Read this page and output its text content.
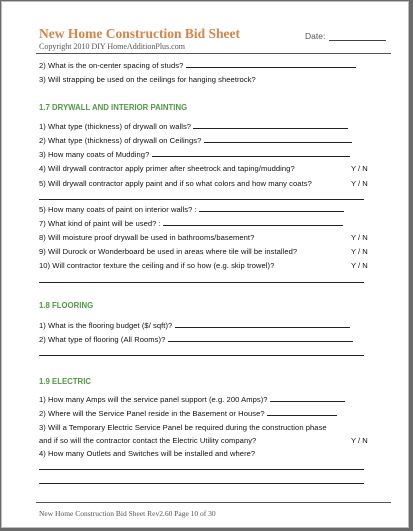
New Home Construction Bid Sheet	Date:
Copyright 2010 DIY HomeAdditionPlus.com
2) What is the on-center spacing of studs?
3) Will strapping be used on the ceilings for hanging sheetrock?
1.7 DRYWALL AND INTERIOR PAINTING
1) What type (thickness) of drywall on walls?
2) What type (thickness) of drywall on Ceilings?
3) How many coats of Mudding?
4) Will drywall contractor apply primer after sheetrock and taping/mudding?	Y / N
5) Will drywall contractor apply paint and if so what colors and how many coats?	Y / N
5) How many coats of paint on interior walls? :
7) What kind of paint will be used? :
8) Will moisture proof drywall be used in bathrooms/basement?	Y / N
9) Will Durock or Wonderboard be used in areas where tile will be installed?	Y / N
10) Will contractor texture the ceiling and if so how (e.g. skip trowel)?	Y / N
1.8 FLOORING
1) What is the flooring budget ($/ sqft)?
2) What type of flooring (All Rooms)?
1.9 ELECTRIC
1) How many Amps will the service panel support (e.g. 200 Amps)?
2) Where will the Service Panel reside in the Basement or House?
3) Will a Temporary Electric Service Panel be required during the construction phase
and if so will the contractor contact the Electric Utility company?	Y / N
4) How many Outlets and Switches will be installed and where?
New Home Construction Bid Sheet Rev2.60 Page 10 of 30
